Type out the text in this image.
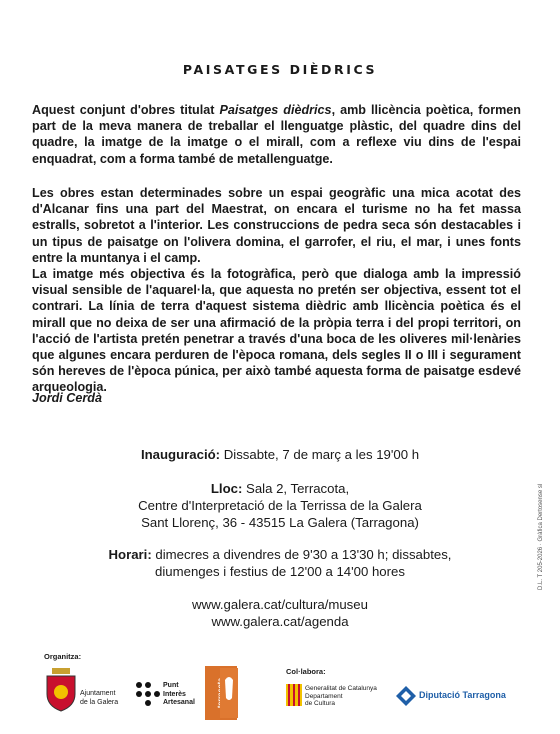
PAISATGES DIÈDRICS
Aquest conjunt d'obres titulat Paisatges dièdrics, amb llicència poètica, formen part de la meva manera de treballar el llenguatge plàstic, del quadre dins del quadre, la imatge de la imatge o el mirall, com a reflexe viu dins de l'espai enquadrat, com a forma també de metallenguatge.
Les obres estan determinades sobre un espai geogràfic una mica acotat des d'Alcanar fins una part del Maestrat, on encara el turisme no ha fet massa estralls, sobretot a l'interior. Les construccions de pedra seca són destacables i un tipus de paisatge on l'olivera domina, el garrofer, el riu, el mar, i unes fonts entre la muntanya i el camp.
La imatge més objectiva és la fotogràfica, però que dialoga amb la impressió visual sensible de l'aquarel·la, que aquesta no pretén ser objectiva, essent tot el contrari. La línia de terra d'aquest sistema dièdric amb llicència poètica és el mirall que no deixa de ser una afirmació de la pròpia terra i del propi territori, on l'acció de l'artista pretén penetrar a través d'una boca de les oliveres mil·lenàries que algunes encara perduren de l'època romana, dels segles II o III i segurament són hereves de l'època púnica, per això també aquesta forma de paisatge esdevé arqueologia.
Jordi Cerdà
Inauguració: Dissabte, 7 de març a les 19'00 h
Lloc: Sala 2, Terracota,
Centre d'Interpretació de la Terrissa de la Galera
Sant Llorenç, 36 - 43515 La Galera (Tarragona)
Horari: dimecres a divendres de 9'30 a 13'30 h; dissabtes,
diumenges i festius de 12'00 a 14'00 hores
www.galera.cat/cultura/museu
www.galera.cat/agenda
D.L. T 205-2026 · Gràfica Dertosense sl
Organitza:
Ajuntament
de la Galera
Punt
Interès
Artesanal
Col·labora:
Generalitat de Catalunya
Departament
de Cultura
Diputació Tarragona
